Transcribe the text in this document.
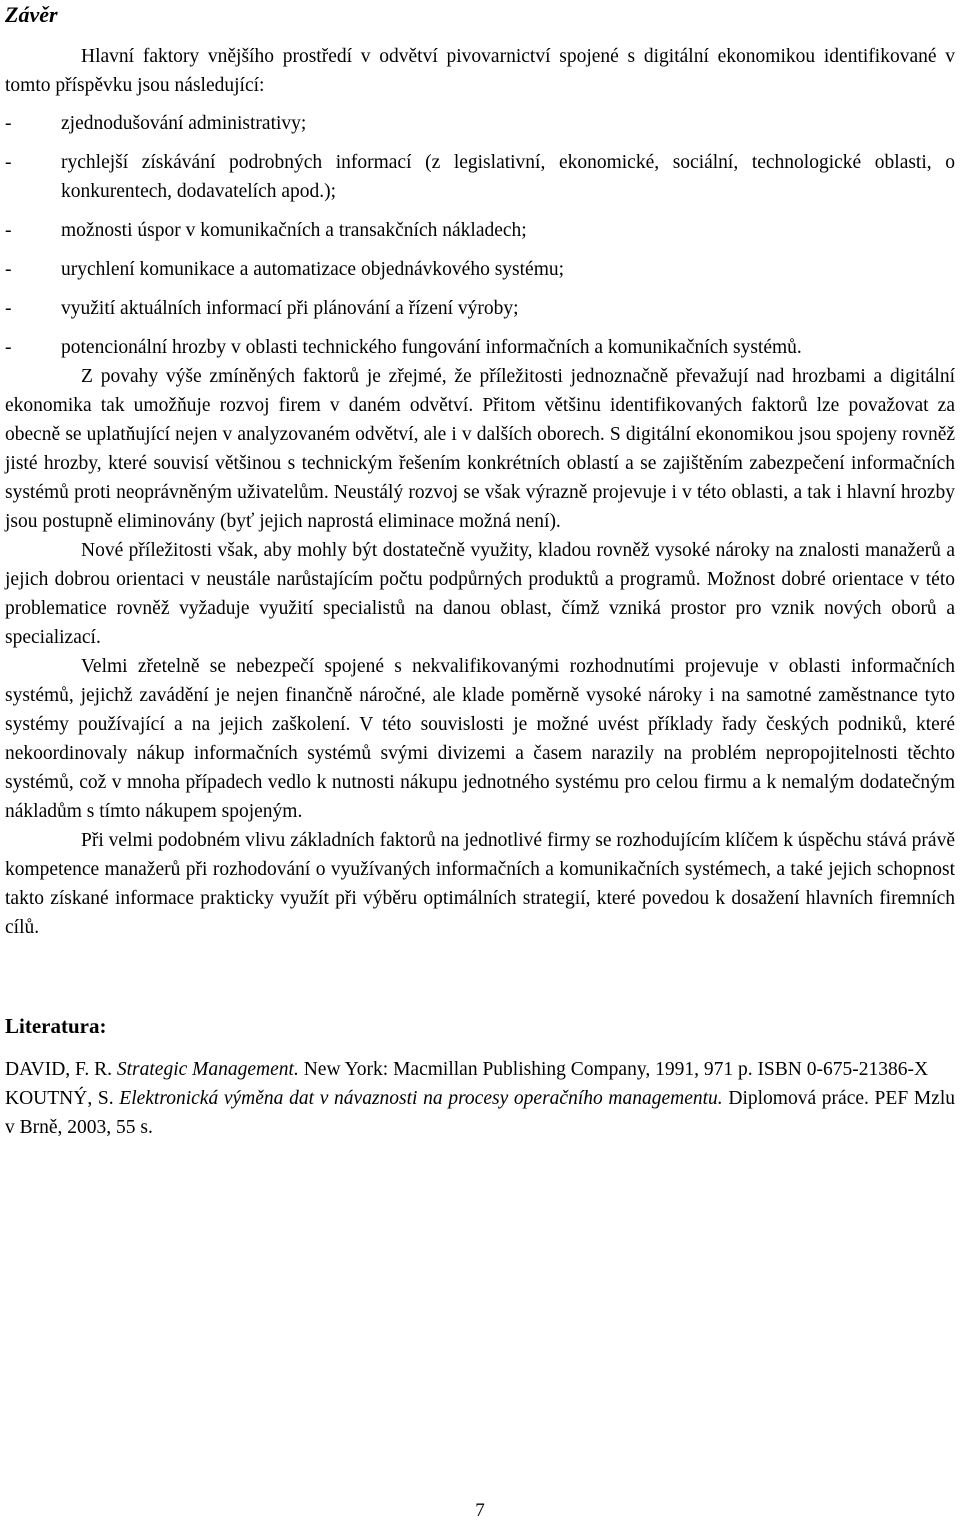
Závěr

Hlavní faktory vnějšího prostředí v odvětví pivovarnictví spojené s digitální ekonomikou identifikované v tomto příspěvku jsou následující:

-	zjednodušování administrativy;
-	rychlejší získávání podrobných informací (z legislativní, ekonomické, sociální, technologické oblasti, o konkurentech, dodavatelích apod.);
-	možnosti úspor v komunikačních a transakčních nákladech;
-	urychlení komunikace a automatizace objednávkového systému;
-	využití aktuálních informací při plánování a řízení výroby;
-	potencionální hrozby v oblasti technického fungování informačních a komunikačních systémů.

Z povahy výše zmíněných faktorů je zřejmé, že příležitosti jednoznačně převažují nad hrozbami a digitální ekonomika tak umožňuje rozvoj firem v daném odvětví. Přitom většinu identifikovaných faktorů lze považovat za obecně se uplatňující nejen v analyzovaném odvětví, ale i v dalších oborech. S digitální ekonomikou jsou spojeny rovněž jisté hrozby, které souvisí většinou s technickým řešením konkrétních oblastí a se zajištěním zabezpečení informačních systémů proti neoprávněným uživatelům. Neustálý rozvoj se však výrazně projevuje i v této oblasti, a tak i hlavní hrozby jsou postupně eliminovány (byť jejich naprostá eliminace možná není).

Nové příležitosti však, aby mohly být dostatečně využity, kladou rovněž vysoké nároky na znalosti manažerů a jejich dobrou orientaci v neustále narůstajícím počtu podpůrných produktů a programů. Možnost dobré orientace v této problematice rovněž vyžaduje využití specialistů na danou oblast, čímž vzniká prostor pro vznik nových oborů a specializací.

Velmi zřetelně se nebezpečí spojené s nekvalifikovanými rozhodnutími projevuje v oblasti informačních systémů, jejichž zavádění je nejen finančně náročné, ale klade poměrně vysoké nároky i na samotné zaměstnance tyto systémy používající a na jejich zaškolení. V této souvislosti je možné uvést příklady řady českých podniků, které nekoordinovaly nákup informačních systémů svými divizemi a časem narazily na problém nepropojitelnosti těchto systémů, což v mnoha případech vedlo k nutnosti nákupu jednotného systému pro celou firmu a k nemalým dodatečným nákladům s tímto nákupem spojeným.

Při velmi podobném vlivu základních faktorů na jednotlivé firmy se rozhodujícím klíčem k úspěchu stává právě kompetence manažerů při rozhodování o využívaných informačních a komunikačních systémech, a také jejich schopnost takto získané informace prakticky využít při výběru optimálních strategií, které povedou k dosažení hlavních firemních cílů.

Literatura:

DAVID, F. R. Strategic Management. New York: Macmillan Publishing Company, 1991, 971 p. ISBN 0-675-21386-X

KOUTNÝ, S. Elektronická výměna dat v návaznosti na procesy operačního managementu. Diplomová práce. PEF Mzlu v Brně, 2003, 55 s.

7
